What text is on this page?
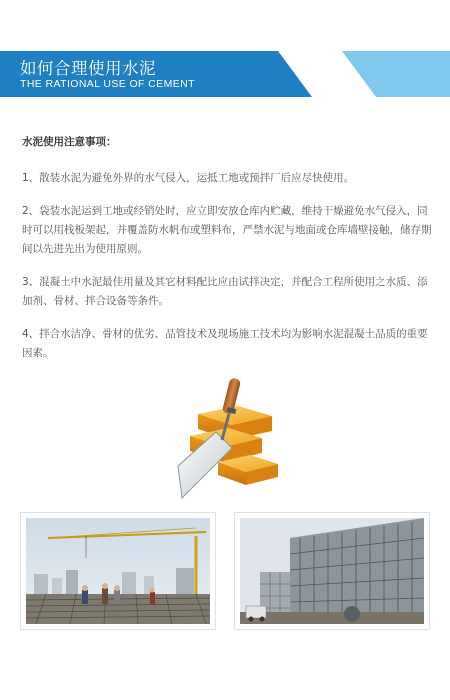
如何合理使用水泥
THE RATIONAL USE OF CEMENT
水泥使用注意事项：

1、散装水泥为避免外界的水气侵入，运抵工地或预拌厂后应尽快使用。

2、袋装水泥运到工地或经销处时，应立即安放仓库内贮藏，维持干燥避免水气侵入，同时可以用栈板架起，并覆盖防水帆布或塑料布，严禁水泥与地面或仓库墙壁接触，储存期间以先进先出为使用原则。

3、混凝土中水泥最佳用量及其它材料配比应由试拌决定，并配合工程所使用之水质、添加剂、骨材、拌合设备等条件。

4、拌合水洁净、骨材的优劣、品管技术及现场施工技术均为影响水泥混凝土品质的重要因素。
